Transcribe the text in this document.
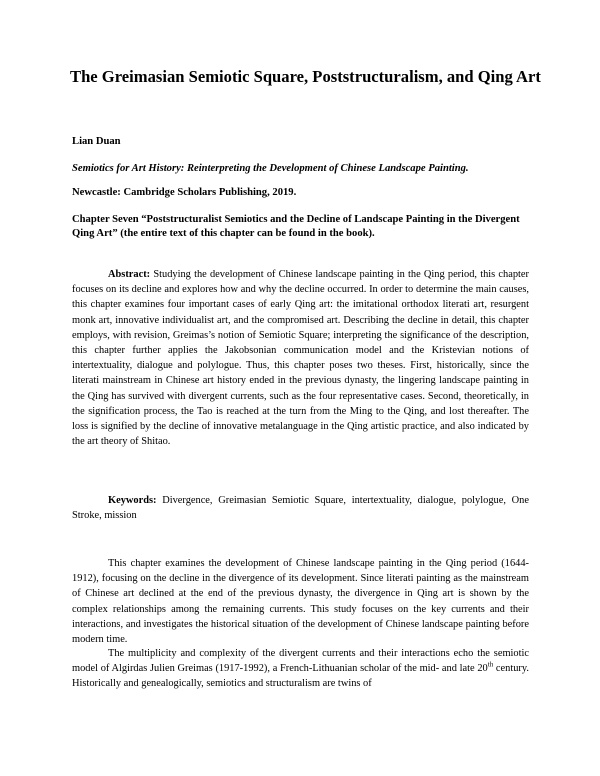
The Greimasian Semiotic Square, Poststructuralism, and Qing Art
Lian Duan
Semiotics for Art History: Reinterpreting the Development of Chinese Landscape Painting.
Newcastle: Cambridge Scholars Publishing, 2019.
Chapter Seven “Poststructuralist Semiotics and the Decline of Landscape Painting in the Divergent Qing Art” (the entire text of this chapter can be found in the book).
Abstract: Studying the development of Chinese landscape painting in the Qing period, this chapter focuses on its decline and explores how and why the decline occurred. In order to determine the main causes, this chapter examines four important cases of early Qing art: the imitational orthodox literati art, resurgent monk art, innovative individualist art, and the compromised art. Describing the decline in detail, this chapter employs, with revision, Greimas’s notion of Semiotic Square; interpreting the significance of the description, this chapter further applies the Jakobsonian communication model and the Kristevian notions of intertextuality, dialogue and polylogue. Thus, this chapter poses two theses. First, historically, since the literati mainstream in Chinese art history ended in the previous dynasty, the lingering landscape painting in the Qing has survived with divergent currents, such as the four representative cases. Second, theoretically, in the signification process, the Tao is reached at the turn from the Ming to the Qing, and lost thereafter. The loss is signified by the decline of innovative metalanguage in the Qing artistic practice, and also indicated by the art theory of Shitao.
Keywords: Divergence, Greimasian Semiotic Square, intertextuality, dialogue, polylogue, One Stroke, mission
This chapter examines the development of Chinese landscape painting in the Qing period (1644-1912), focusing on the decline in the divergence of its development. Since literati painting as the mainstream of Chinese art declined at the end of the previous dynasty, the divergence in Qing art is shown by the complex relationships among the remaining currents. This study focuses on the key currents and their interactions, and investigates the historical situation of the development of Chinese landscape painting before modern time.
The multiplicity and complexity of the divergent currents and their interactions echo the semiotic model of Algirdas Julien Greimas (1917-1992), a French-Lithuanian scholar of the mid- and late 20th century. Historically and genealogically, semiotics and structuralism are twins of
